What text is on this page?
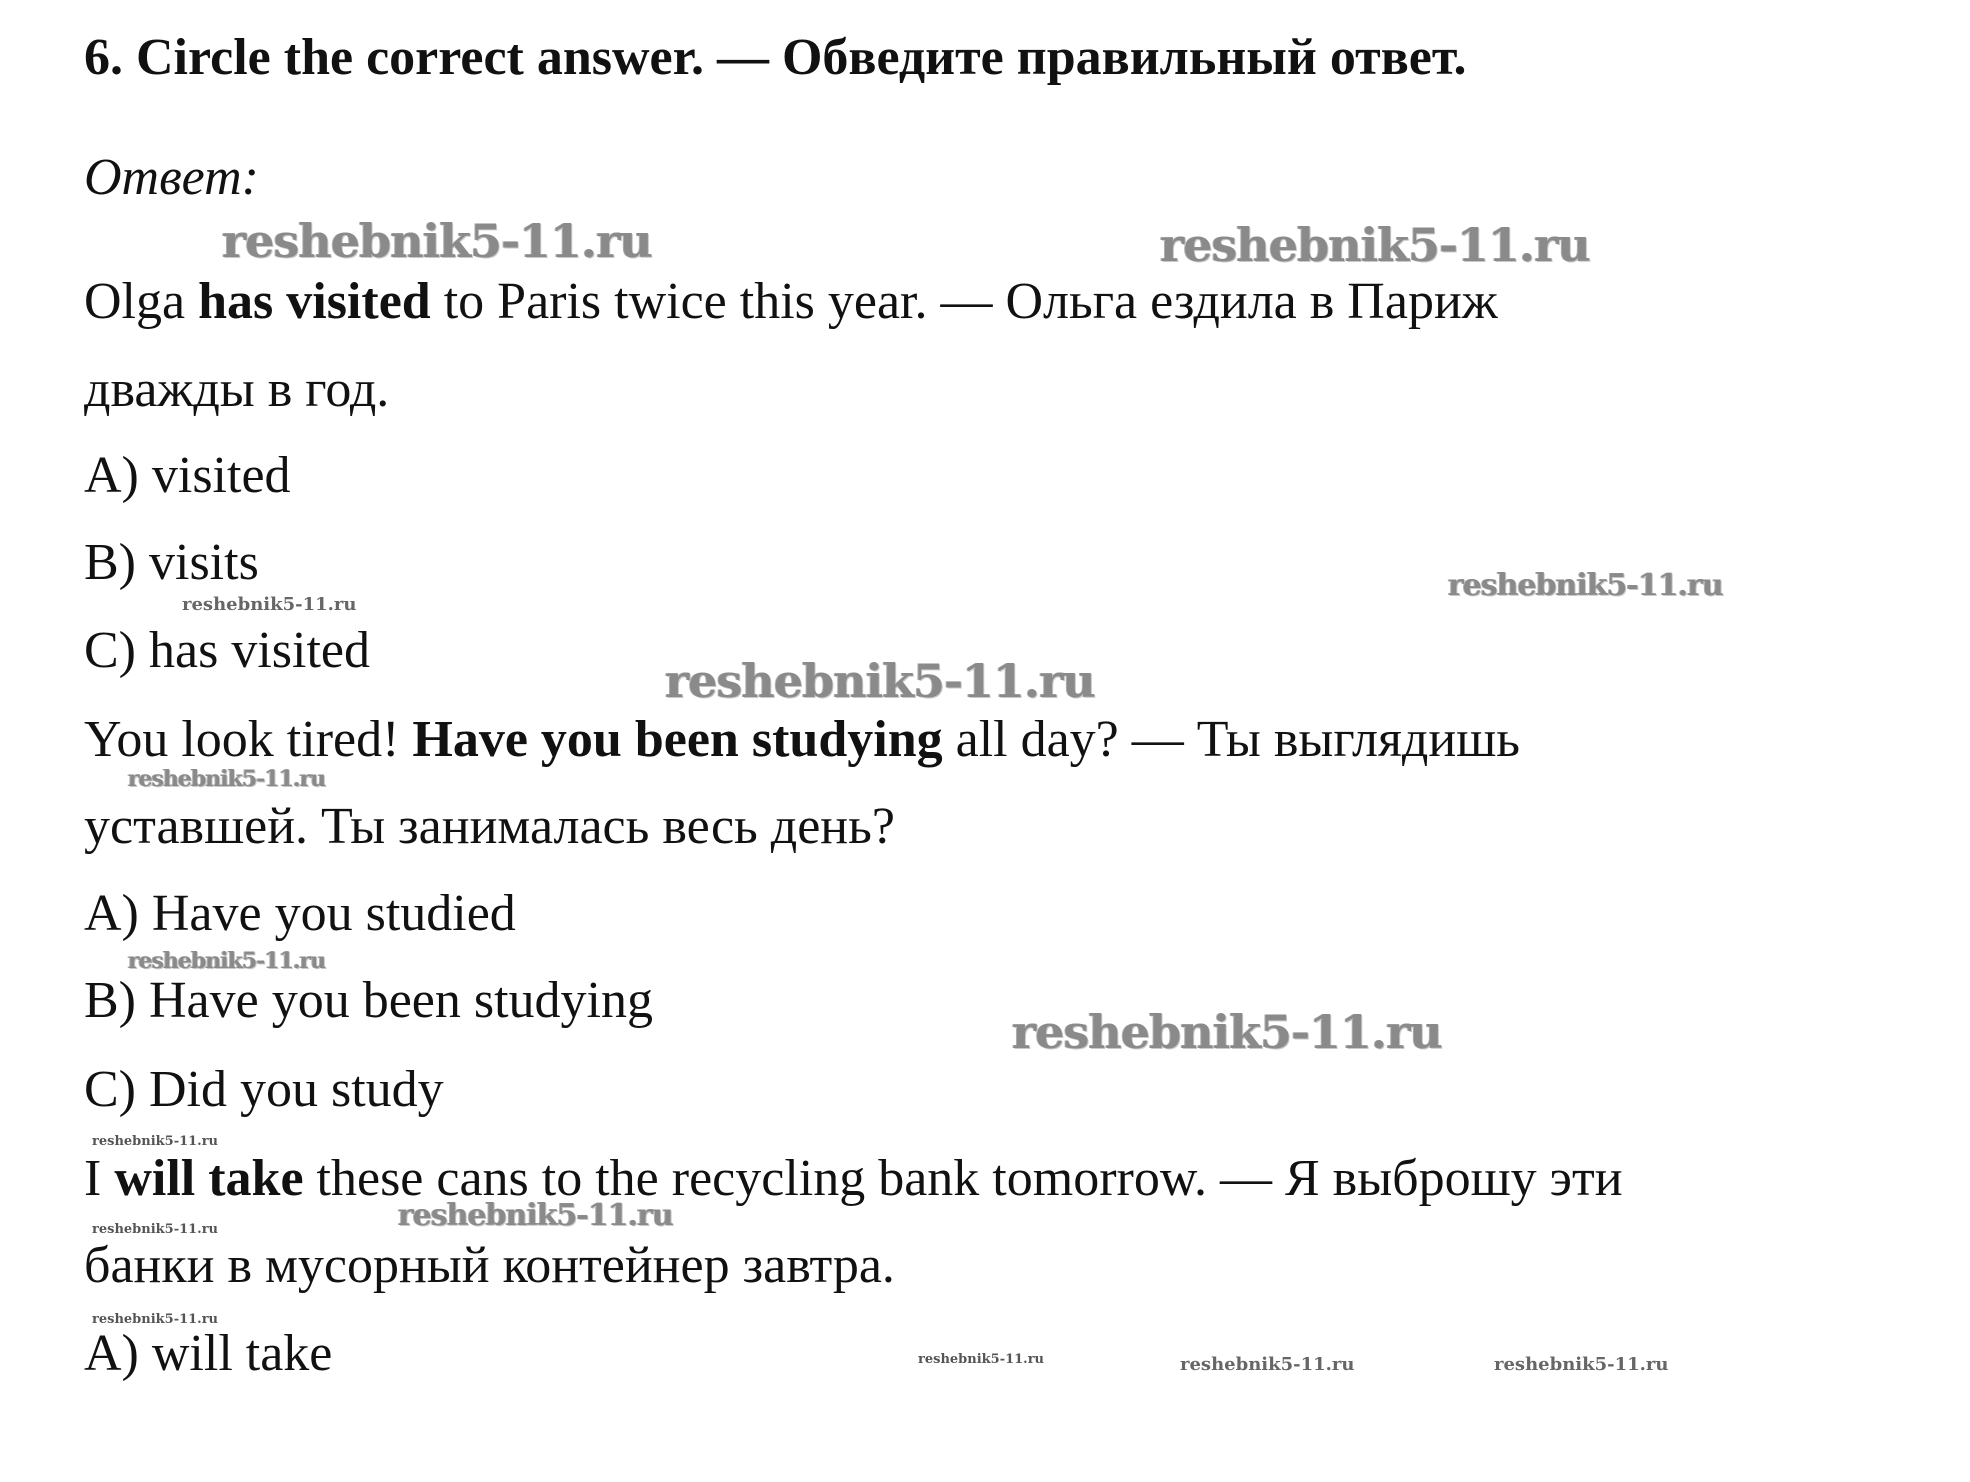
6. Circle the correct answer. — Обведите правильный ответ.
Ответ:
Olga has visited to Paris twice this year. — Ольга ездила в Париж
дважды в год.
A) visited
B) visits
C) has visited
You look tired! Have you been studying all day? — Ты выглядишь
уставшей. Ты занималась весь день?
A) Have you studied
B) Have you been studying
C) Did you study
I will take these cans to the recycling bank tomorrow. — Я выброшу эти
банки в мусорный контейнер завтра.
A) will take
reshebnik5-11.ru	reshebnik5-11.ru
reshebnik5-11.ru
reshebnik5-11.ru
reshebnik5-11.ru
reshebnik5-11.ru
reshebnik5-11.ru
reshebnik5-11.ru
reshebnik5-11.ru
reshebnik5-11.ru
reshebnik5-11.ru
reshebnik5-11.ru
reshebnik5-11.ru	reshebnik5-11.ru	reshebnik5-11.ru
